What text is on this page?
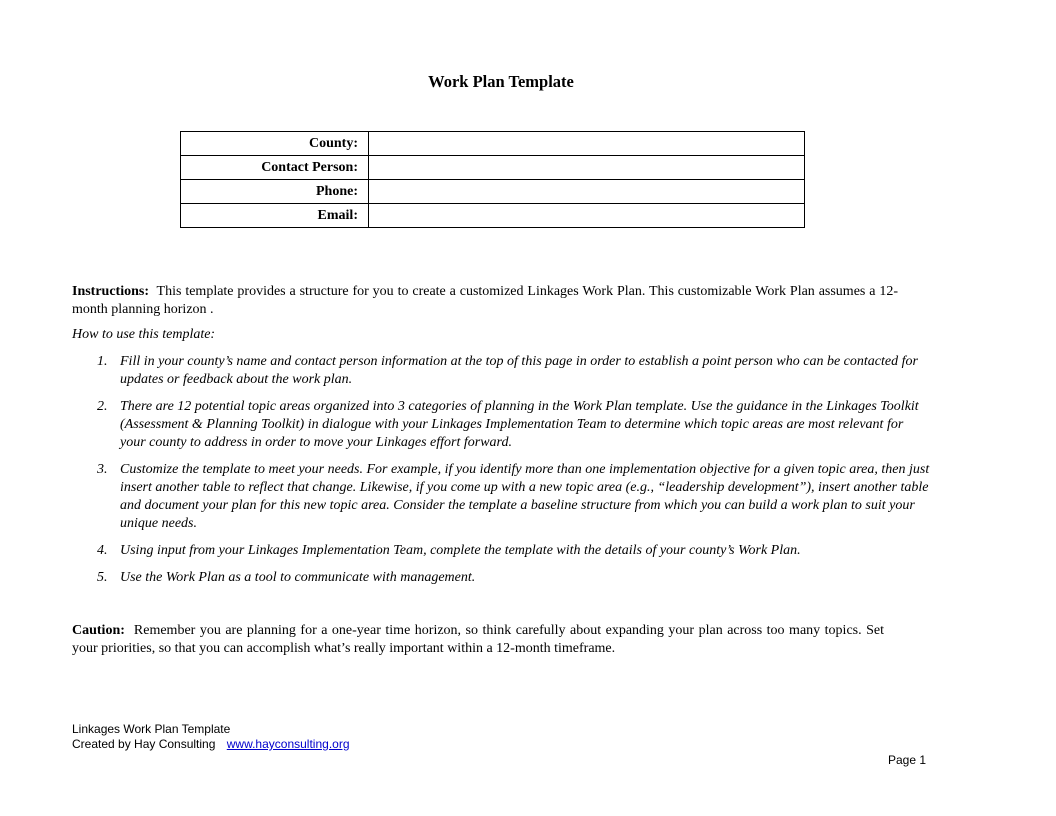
Work Plan Template
County:	
Contact Person:	
Phone:	
Email:	
Instructions: This template provides a structure for you to create a customized Linkages Work Plan. This customizable Work Plan assumes a 12-month planning horizon .
How to use this template:
1. Fill in your county’s name and contact person information at the top of this page in order to establish a point person who can be contacted for updates or feedback about the work plan.
2. There are 12 potential topic areas organized into 3 categories of planning in the Work Plan template. Use the guidance in the Linkages Toolkit (Assessment & Planning Toolkit) in dialogue with your Linkages Implementation Team to determine which topic areas are most relevant for your county to address in order to move your Linkages effort forward.
3. Customize the template to meet your needs. For example, if you identify more than one implementation objective for a given topic area, then just insert another table to reflect that change. Likewise, if you come up with a new topic area (e.g., “leadership development”), insert another table and document your plan for this new topic area. Consider the template a baseline structure from which you can build a work plan to suit your unique needs.
4. Using input from your Linkages Implementation Team, complete the template with the details of your county’s Work Plan.
5. Use the Work Plan as a tool to communicate with management.
Caution: Remember you are planning for a one-year time horizon, so think carefully about expanding your plan across too many topics. Set your priorities, so that you can accomplish what’s really important within a 12-month timeframe.
Linkages Work Plan Template
Created by Hay Consulting www.hayconsulting.org
Page 1
